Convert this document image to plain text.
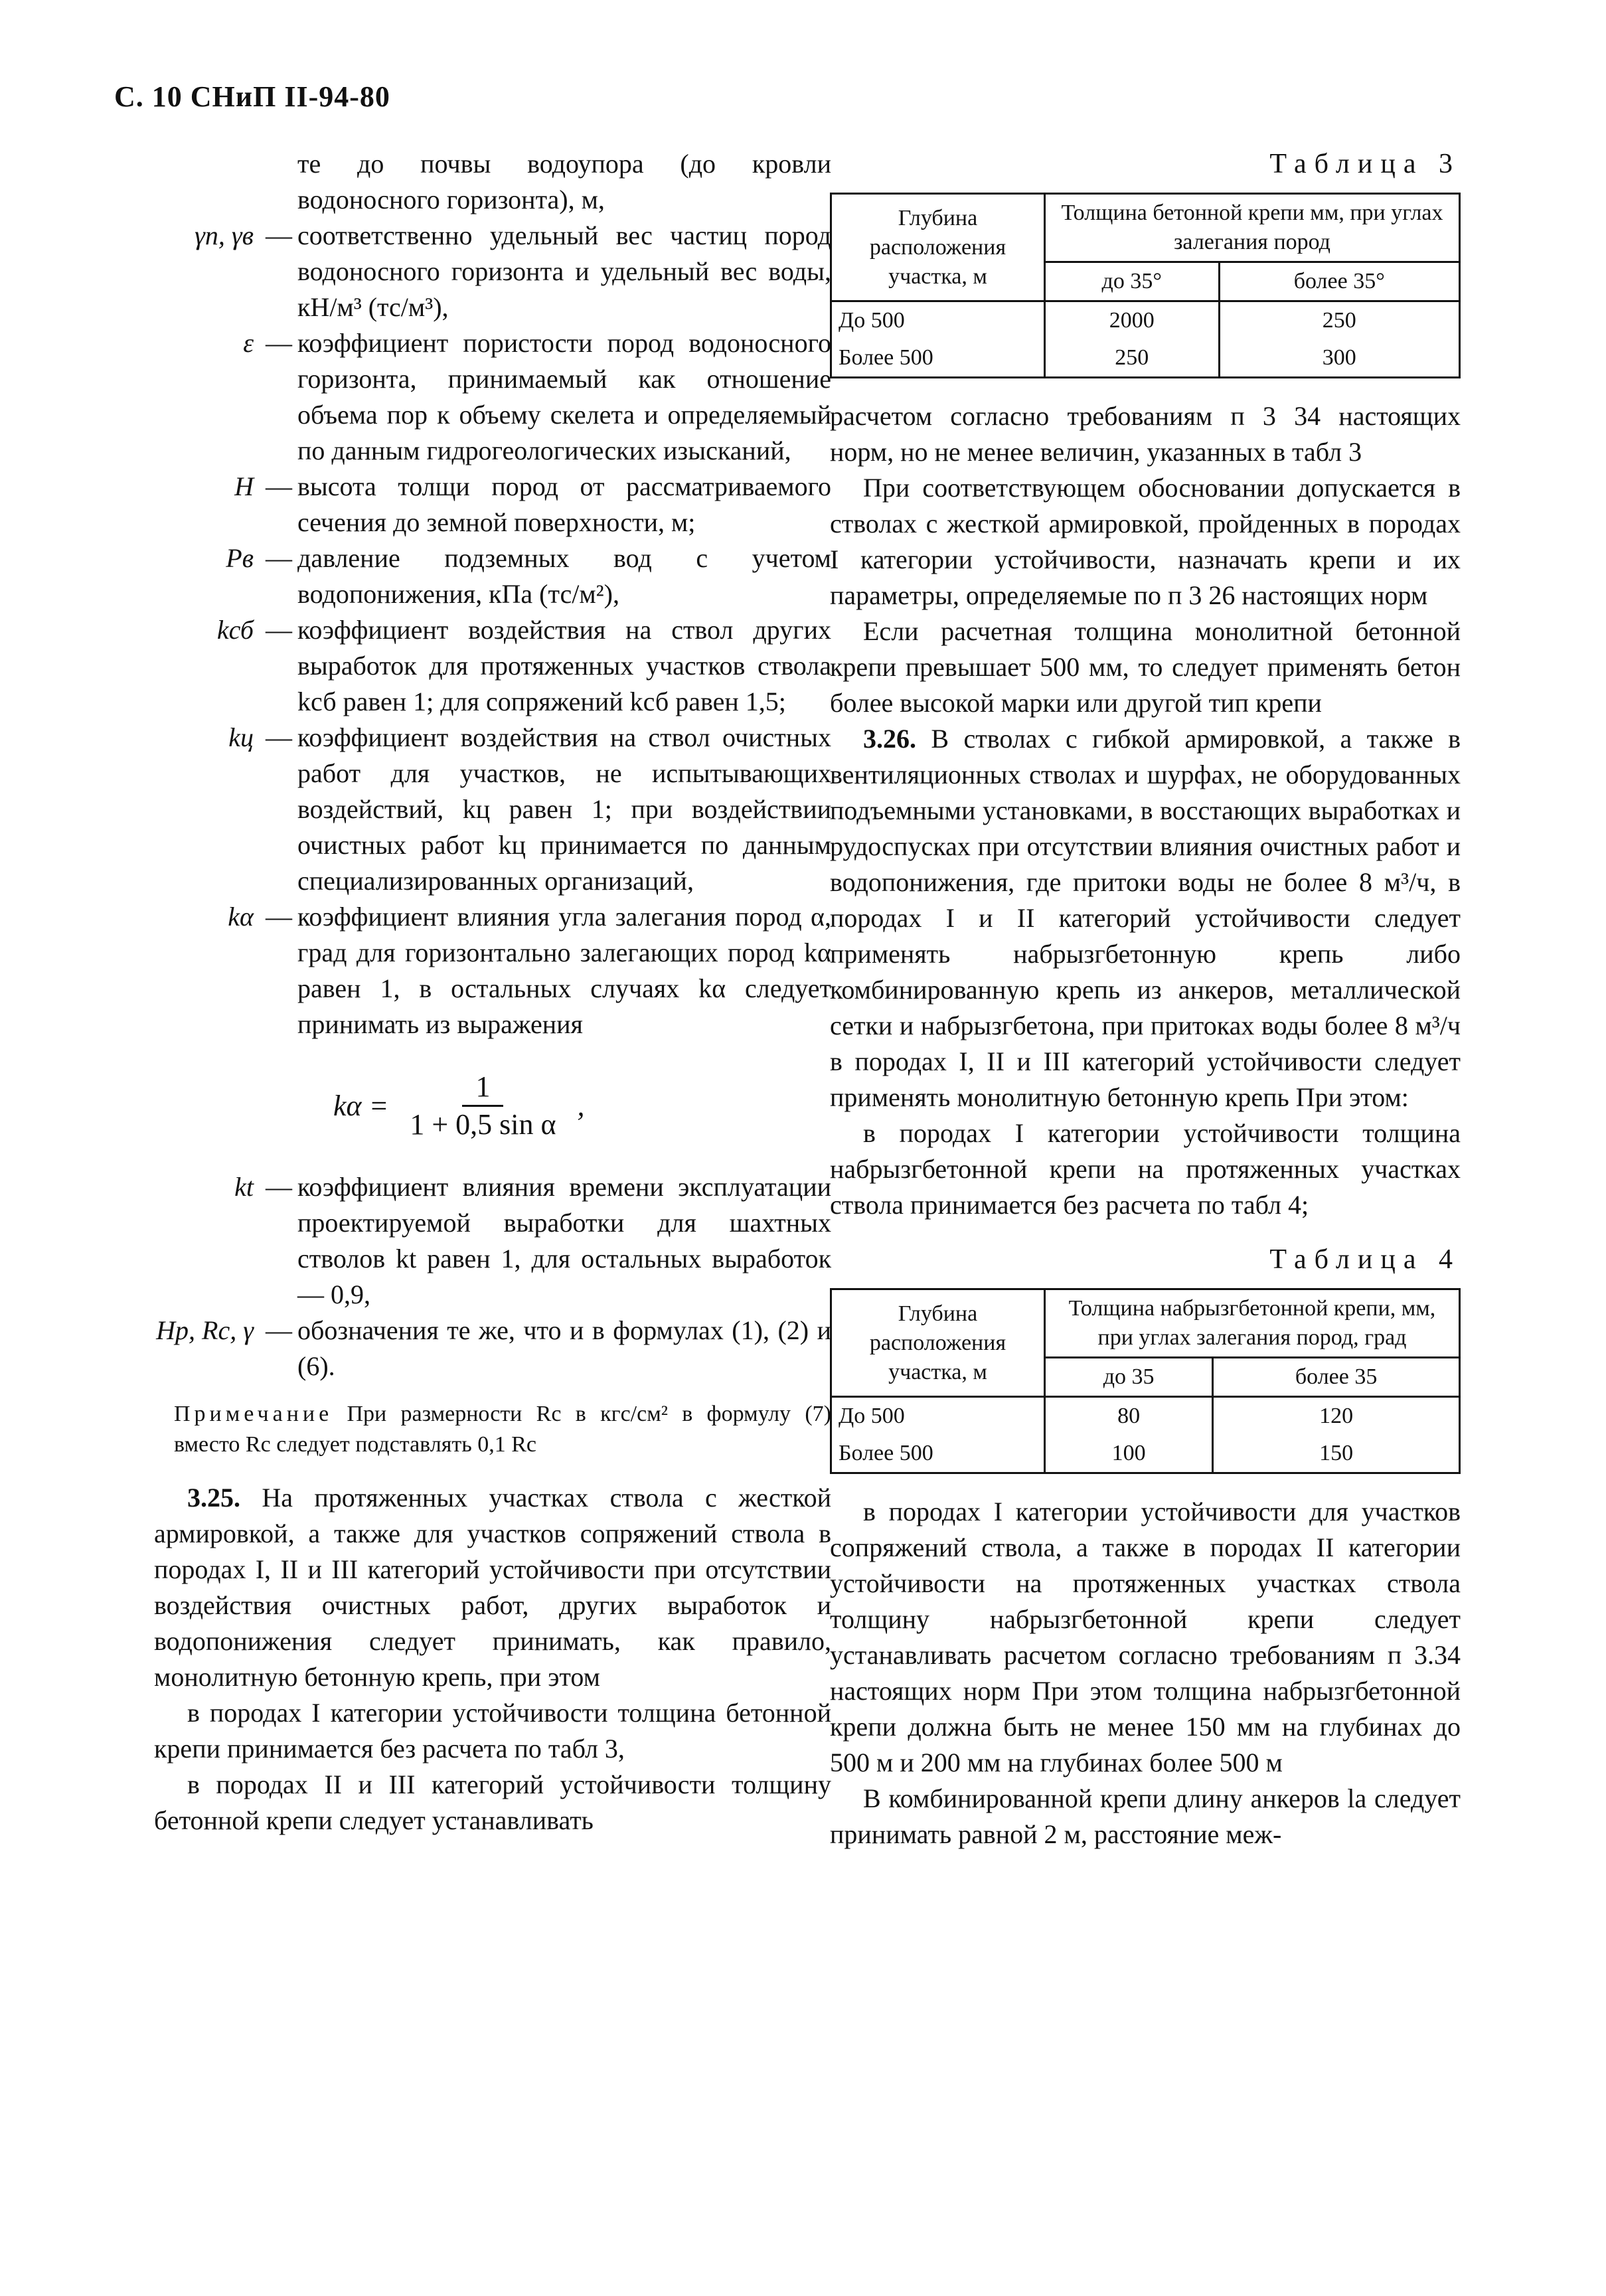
С. 10 СНиП II-94-80
те до почвы водоупора (до кровли водоносного горизонта), м,
γп, γв — соответственно удельный вес частиц пород водоносного горизонта и удельный вес воды, кН/м³ (тс/м³),
ε — коэффициент пористости пород водоносного горизонта, принимаемый как отношение объема пор к объему скелета и определяемый по данным гидрогеологических изысканий,
H — высота толщи пород от рассматриваемого сечения до земной поверхности, м;
Pв — давление подземных вод с учетом водопонижения, кПа (тс/м²),
kсб — коэффициент воздействия на ствол других выработок для протяженных участков ствола kсб равен 1; для сопряжений kсб равен 1,5;
kц — коэффициент воздействия на ствол очистных работ для участков, не испытывающих воздействий, kц равен 1; при воздействии очистных работ kц принимается по данным специализированных организаций,
kα — коэффициент влияния угла залегания пород α, град для горизонтально залегающих пород kα равен 1, в остальных случаях kα следует принимать из выражения
$k\alpha = \frac{1}{\text{1 + 0,5 sin α}}$ ,
kt — коэффициент влияния времени эксплуатации проектируемой выработки для шахтных стволов kt равен 1, для остальных выработок — 0,9,
Hр, Rс, γ — обозначения те же, что и в формулах (1), (2) и (6).
Примечание При размерности Rс в кгс/см² в формулу (7) вместо Rс следует подставлять 0,1 Rс

3.25. На протяженных участках ствола с жесткой армировкой, а также для участков сопряжений ствола в породах I, II и III категорий устойчивости при отсутствии воздействия очистных работ, других выработок и водопонижения следует принимать, как правило, монолитную бетонную крепь, при этом

в породах I категории устойчивости толщина бетонной крепи принимается без расчета по табл 3,

в породах II и III категорий устойчивости толщину бетонной крепи следует устанавливать

Таблица 3
Глубина расположения участка, м	Толщина бетонной крепи мм, при углах залегания пород	
	до 35°	более 35°
До 500	2000	250
Более 500	250	300

расчетом согласно требованиям п 3 34 настоящих норм, но не менее величин, указанных в табл 3

При соответствующем обосновании допускается в стволах с жесткой армировкой, пройденных в породах I категории устойчивости, назначать крепи и их параметры, определяемые по п 3 26 настоящих норм

Если расчетная толщина монолитной бетонной крепи превышает 500 мм, то следует применять бетон более высокой марки или другой тип крепи

3.26. В стволах с гибкой армировкой, а также в вентиляционных стволах и шурфах, не оборудованных подъемными установками, в восстающих выработках и рудоспусках при отсутствии влияния очистных работ и водопонижения, где притоки воды не более 8 м³/ч, в породах I и II категорий устойчивости следует применять набрызгбетонную крепь либо комбинированную крепь из анкеров, металлической сетки и набрызгбетона, при притоках воды более 8 м³/ч в породах I, II и III категорий устойчивости следует применять монолитную бетонную крепь При этом:

в породах I категории устойчивости толщина набрызгбетонной крепи на протяженных участках ствола принимается без расчета по табл 4;

Таблица 4
Глубина расположения участка, м	Толщина набрызгбетонной крепи, мм, при углах залегания пород, град	
	до 35	более 35
До 500	80	120
Более 500	100	150

в породах I категории устойчивости для участков сопряжений ствола, а также в породах II категории устойчивости на протяженных участках ствола толщину набрызгбетонной крепи следует устанавливать расчетом согласно требованиям п 3.34 настоящих норм При этом толщина набрызгбетонной крепи должна быть не менее 150 мм на глубинах до 500 м и 200 мм на глубинах более 500 м

В комбинированной крепи длину анкеров lа следует принимать равной 2 м, расстояние меж-
